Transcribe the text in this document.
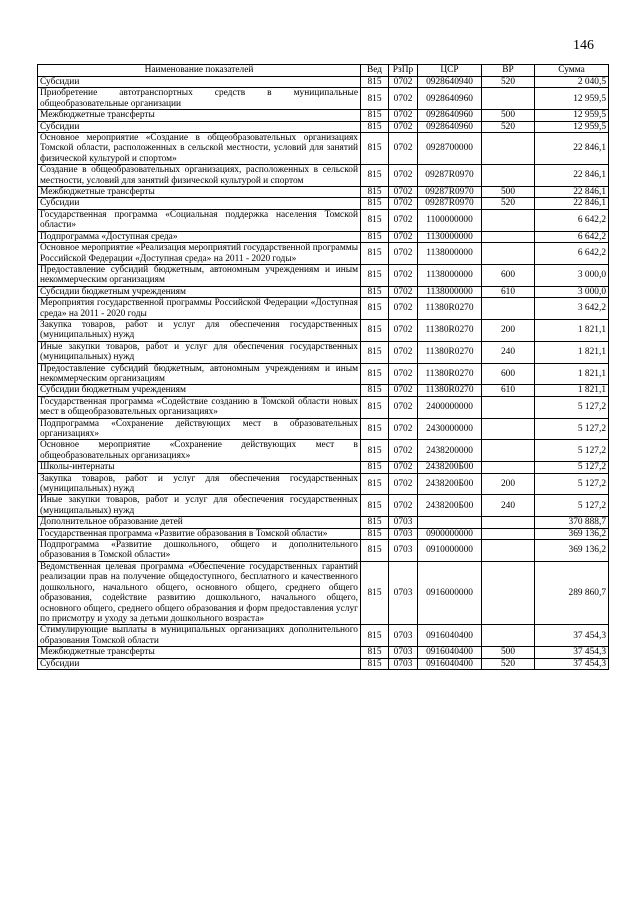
146
Наименование показателей	Вед	РзПр	ЦСР	ВР	Сумма
Субсидии	815	0702	0928640940	520	2 040,5
Приобретение автотранспортных средств в муниципальные общеобразовательные организации	815	0702	0928640960		12 959,5
Межбюджетные трансферты	815	0702	0928640960	500	12 959,5
Субсидии	815	0702	0928640960	520	12 959,5
Основное мероприятие «Создание в общеобразовательных организациях Томской области, расположенных в сельской местности, условий для занятий физической культурой и спортом»	815	0702	0928700000		22 846,1
Создание в общеобразовательных организациях, расположенных в сельской местности, условий для занятий физической культурой и спортом	815	0702	09287R0970		22 846,1
Межбюджетные трансферты	815	0702	09287R0970	500	22 846,1
Субсидии	815	0702	09287R0970	520	22 846,1
Государственная программа «Социальная поддержка населения Томской области»	815	0702	1100000000		6 642,2
Подпрограмма «Доступная среда»	815	0702	1130000000		6 642,2
Основное мероприятие «Реализация мероприятий государственной программы Российской Федерации «Доступная среда» на 2011 - 2020 годы»	815	0702	1138000000		6 642,2
Предоставление субсидий бюджетным, автономным учреждениям и иным некоммерческим организациям	815	0702	1138000000	600	3 000,0
Субсидии бюджетным учреждениям	815	0702	1138000000	610	3 000,0
Мероприятия государственной программы Российской Федерации «Доступная среда» на 2011 - 2020 годы	815	0702	11380R0270		3 642,2
Закупка товаров, работ и услуг для обеспечения государственных (муниципальных) нужд	815	0702	11380R0270	200	1 821,1
Иные закупки товаров, работ и услуг для обеспечения государственных (муниципальных) нужд	815	0702	11380R0270	240	1 821,1
Предоставление субсидий бюджетным, автономным учреждениям и иным некоммерческим организациям	815	0702	11380R0270	600	1 821,1
Субсидии бюджетным учреждениям	815	0702	11380R0270	610	1 821,1
Государственная программа «Содействие созданию в Томской области новых мест в общеобразовательных организациях»	815	0702	2400000000		5 127,2
Подпрограмма «Сохранение действующих мест в образовательных организациях»	815	0702	2430000000		5 127,2
Основное мероприятие «Сохранение действующих мест в общеобразовательных организациях»	815	0702	2438200000		5 127,2
Школы-интернаты	815	0702	2438200Б00		5 127,2
Закупка товаров, работ и услуг для обеспечения государственных (муниципальных) нужд	815	0702	2438200Б00	200	5 127,2
Иные закупки товаров, работ и услуг для обеспечения государственных (муниципальных) нужд	815	0702	2438200Б00	240	5 127,2
Дополнительное образование детей	815	0703			370 888,7
Государственная программа «Развитие образования в Томской области»	815	0703	0900000000		369 136,2
Подпрограмма «Развитие дошкольного, общего и дополнительного образования в Томской области»	815	0703	0910000000		369 136,2
Ведомственная целевая программа «Обеспечение государственных гарантий реализации прав на получение общедоступного, бесплатного и качественного дошкольного, начального общего, основного общего, среднего общего образования, содействие развитию дошкольного, начального общего, основного общего, среднего общего образования и форм предоставления услуг по присмотру и уходу за детьми дошкольного возраста»	815	0703	0916000000		289 860,7
Стимулирующие выплаты в муниципальных организациях дополнительного образования Томской области	815	0703	0916040400		37 454,3
Межбюджетные трансферты	815	0703	0916040400	500	37 454,3
Субсидии	815	0703	0916040400	520	37 454,3
